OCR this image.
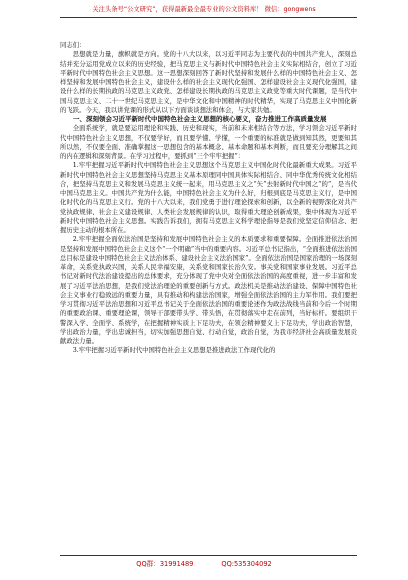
关注头条号“公文研究”，获得最新最全最专业的公文资料库！ 微信：gongwens

同志们：

思想就是力量，旗帜就是方向。党的十八大以来，以习近平同志为主要代表的中国共产党人，深刻总结并充分运用党成立以来的历史经验，把马克思主义与新时代中国特色社会主义实际相结合，创立了习近平新时代中国特色社会主义思想。这一思想深刻回答了新时代坚持和发展什么样的中国特色社会主义、怎样坚持和发展中国特色社会主义，建设什么样的社会主义现代化强国、怎样建设社会主义现代化强国，建设什么样的长期执政的马克思主义政党、怎样建设长期执政的马克思主义政党等重大时代课题，是当代中国马克思主义、二十一世纪马克思主义，是中华文化和中国精神的时代精华，实现了马克思主义中国化新的飞跃。今天，我以讲党课的形式从以下方面谈谈想法和体会，与大家共勉。

一、深刻领会习近平新时代中国特色社会主义思想的核心要义，奋力推进工作高质量发展

全面系统学，就是要运用理论和实践、历史和现实，当前和未来相结合等方法，学习领会习近平新时代中国特色社会主义思想，不仅要学好，而且要学懂、学懂，一个重要的标准就是做到知其然，更要知其所以然，不仅要全面、准确掌握这一思想包含的基本概念、基本命题和基本判断，而且要充分理解其之间的内在逻辑和深刻背景。在学习过程中，要抓到“三个牢牢把握”：

1.牢牢把握习近平新时代中国特色社会主义思想这个马克思主义中国化时代化最新重大成果。习近平新时代中国特色社会主义思想坚持马克思主义基本原理同中国具体实际相结合、同中华优秀传统文化相结合，把坚持马克思主义和发展马克思主义统一起来，用马克思主义之“矢”去射新时代中国之“的”，是当代中国马克思主义。中国共产党为什么能，中国特色社会主义为什么好，归根到底是马克思主义行，是中国化时代化的马克思主义行。党的十八大以来，我们党勇于进行理论探索和创新，以全新的视野深化对共产党执政规律、社会主义建设规律、人类社会发展规律的认识，取得重大理论创新成果，集中体现为习近平新时代中国特色社会主义思想。实践告诉我们，拥有马克思主义科学理论指导是我们党坚定信仰信念、把握历史主动的根本所在。

2.牢牢把握全面依法治国是坚持和发展中国特色社会主义的本质要求和重要保障。全面推进依法治国是坚持和发展中国特色社会主义这个“一个明确”当中的重要内容。习近平总书记指出，“全面推进依法治国总目标是建设中国特色社会主义法治体系、建设社会主义法治国家”。全面依法治国是国家治理的一场深刻革命，关系党执政兴国，关系人民幸福安康，关系党和国家长治久安。事关党和国家事业发展。习近平总书记对新时代法治建设提出的总体要求，充分体现了党中央对全面依法治国的高度重视，进一步丰富和发展了习近平法治思想，是我们党法治理论的重要创新与方式。政法机关是推动法治建设、保障中国特色社会主义事业行稳致远的重要力量，具有推动和构建法治国家，增强全面依法治国的主力军作用。我们要把学习贯彻习近平法治思想和习近平总书记关于全面依法治国的重要论述作为政法战线当前和今后一个时期的重要政治课、重要理论课，领导干部要带头学、带头悟，在贯彻落实中走在前列，当好标杆。要组织干警深入学、全面学、系统学，在把握精神实质上下足功夫，在领会精神要义上下足功夫，学出政治智慧，学出政治力量，学出忠诚担当，切实加强思想自觉、行动自觉，政治自觉，为我市经济社会高质量发展贡献政法力量。

3.牢牢把握习近平新时代中国特色社会主义思想是推进政法工作现代化的

QQ群：31991489	QQ:535304092
